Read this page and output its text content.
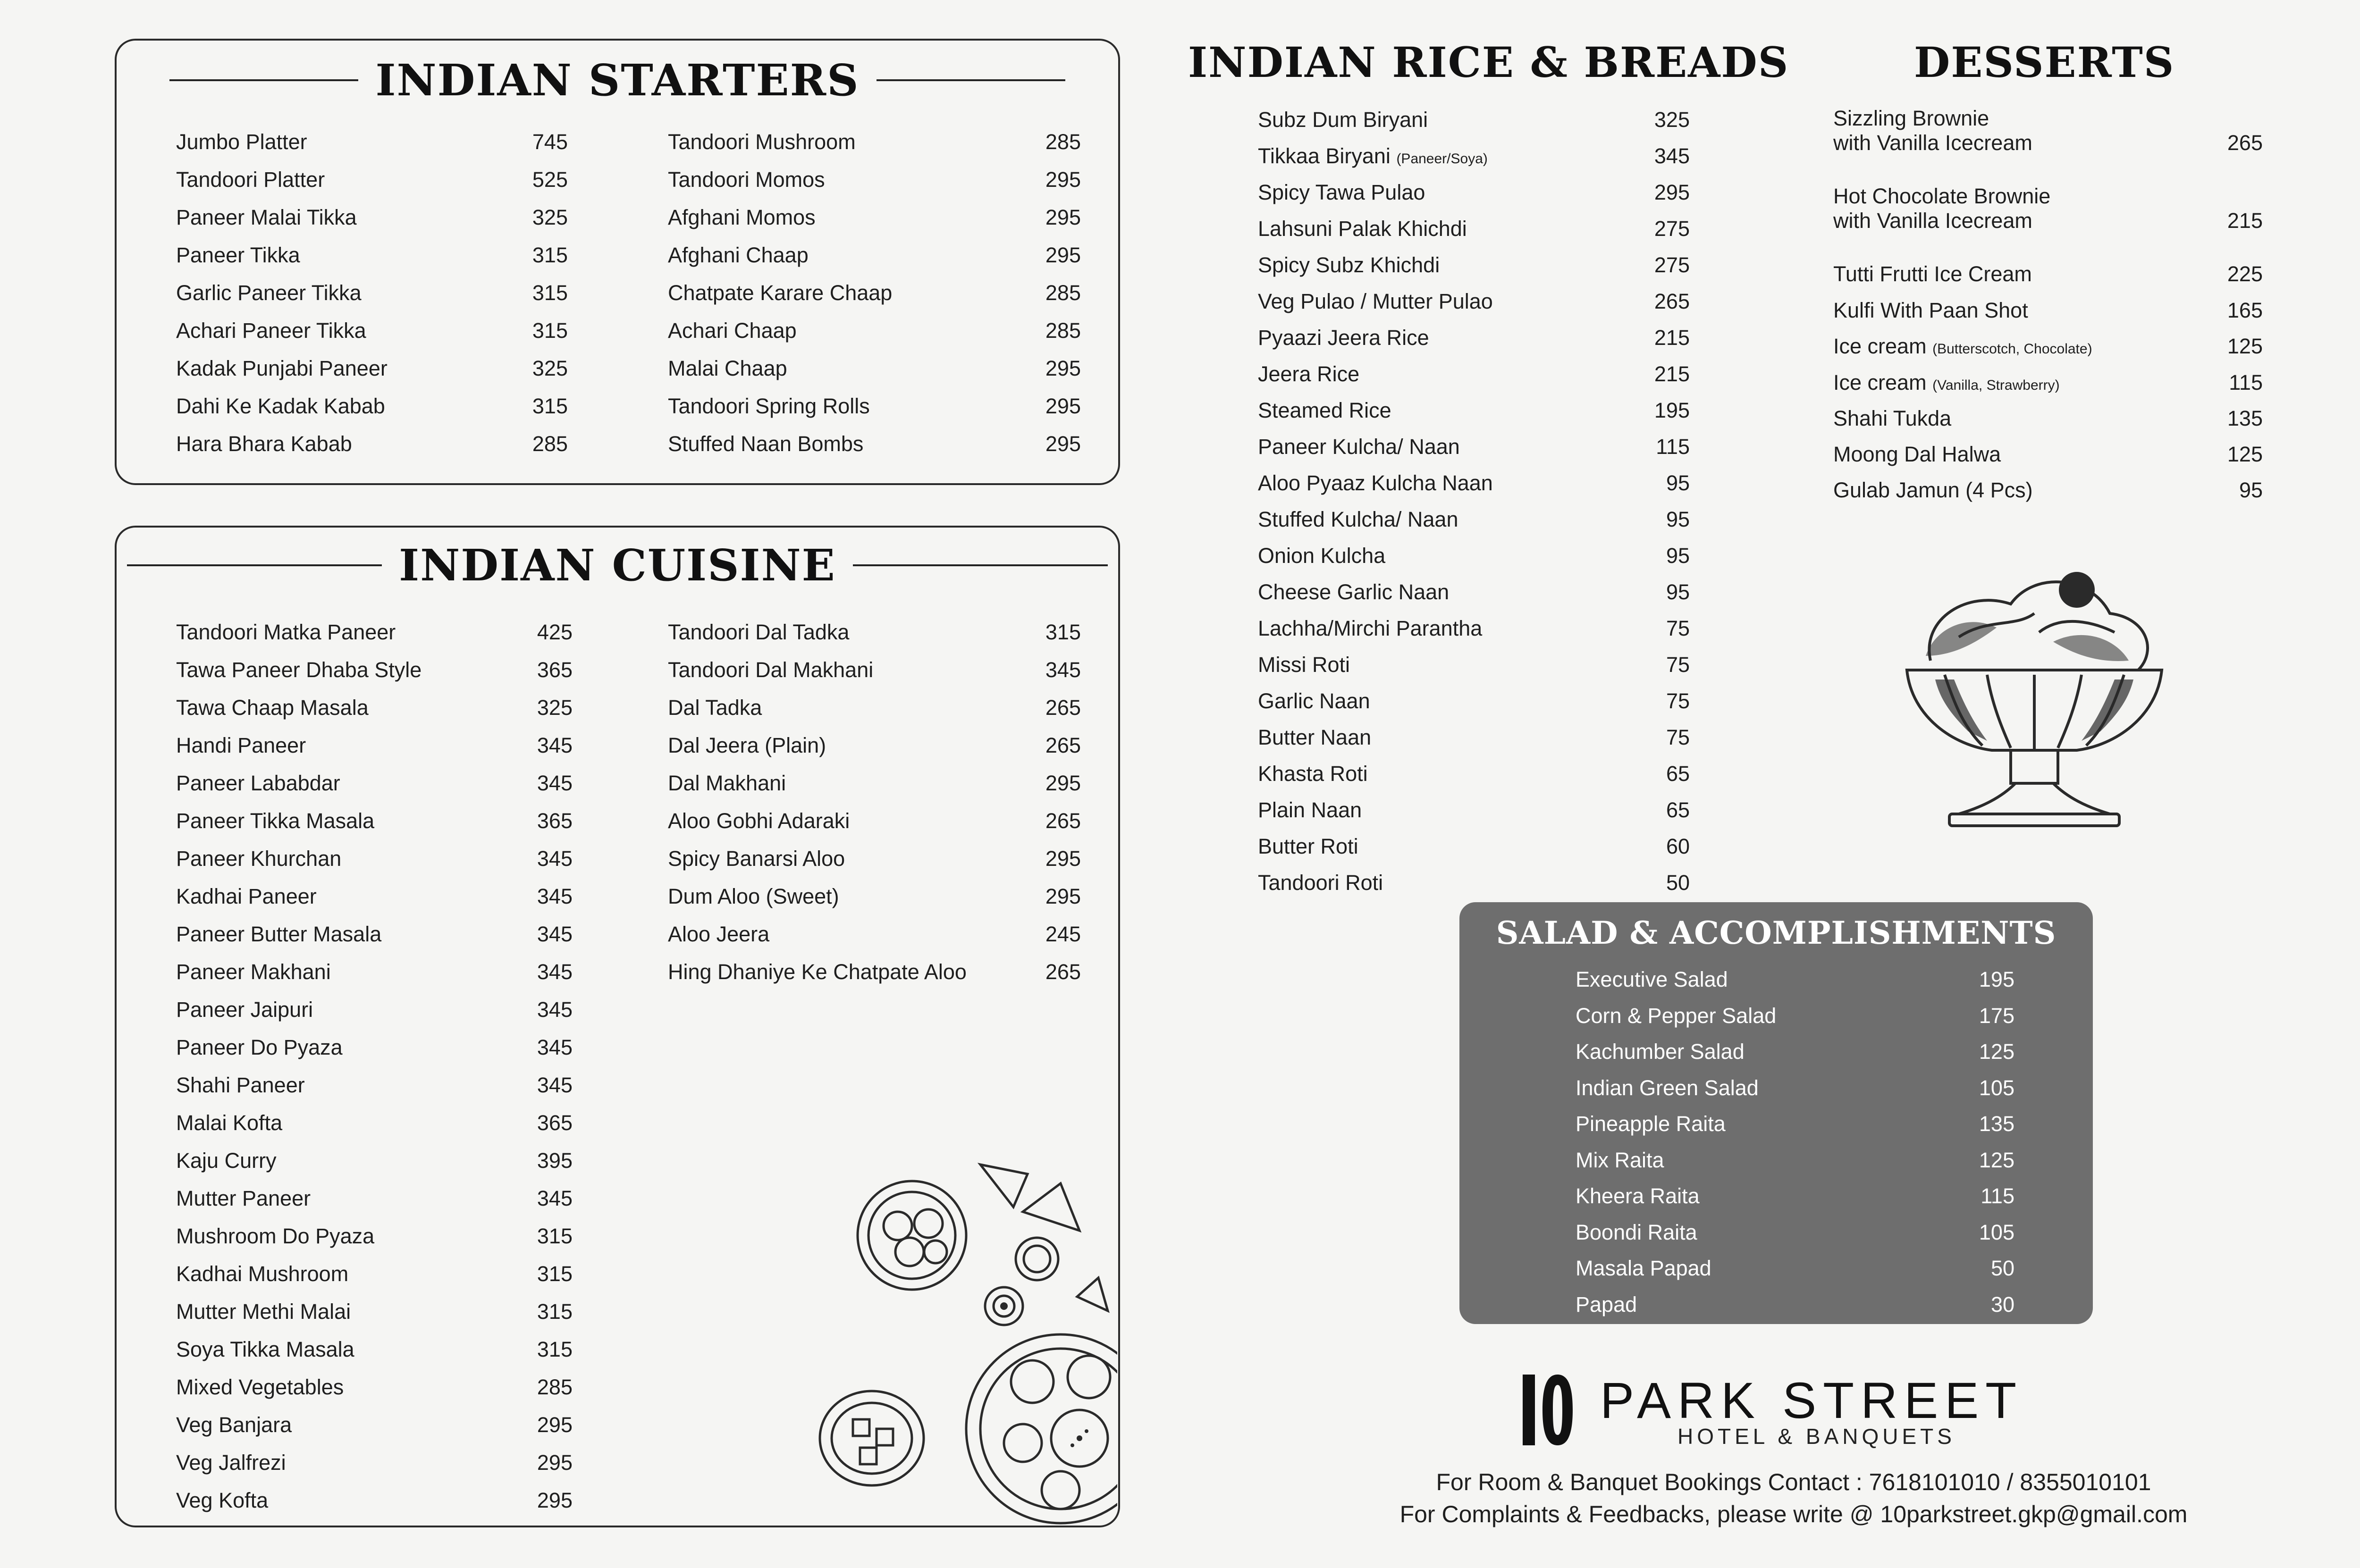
INDIAN STARTERS
Jumbo Platter	745
Tandoori Platter	525
Paneer Malai Tikka	325
Paneer Tikka	315
Garlic Paneer Tikka	315
Achari Paneer Tikka	315
Kadak Punjabi Paneer	325
Dahi Ke Kadak Kabab	315
Hara Bhara Kabab	285
Tandoori Mushroom	285
Tandoori Momos	295
Afghani Momos	295
Afghani Chaap	295
Chatpate Karare Chaap	285
Achari Chaap	285
Malai Chaap	295
Tandoori Spring Rolls	295
Stuffed Naan Bombs	295
INDIAN CUISINE
Tandoori Matka Paneer	425
Tawa Paneer Dhaba Style	365
Tawa Chaap Masala	325
Handi Paneer	345
Paneer Lababdar	345
Paneer Tikka Masala	365
Paneer Khurchan	345
Kadhai Paneer	345
Paneer Butter Masala	345
Paneer Makhani	345
Paneer Jaipuri	345
Paneer Do Pyaza	345
Shahi Paneer	345
Malai Kofta	365
Kaju Curry	395
Mutter Paneer	345
Mushroom Do Pyaza	315
Kadhai Mushroom	315
Mutter Methi Malai	315
Soya Tikka Masala	315
Mixed Vegetables	285
Veg Banjara	295
Veg Jalfrezi	295
Veg Kofta	295
Tandoori Dal Tadka	315
Tandoori Dal Makhani	345
Dal Tadka	265
Dal Jeera (Plain)	265
Dal Makhani	295
Aloo Gobhi Adaraki	265
Spicy Banarsi Aloo	295
Dum Aloo (Sweet)	295
Aloo Jeera	245
Hing Dhaniye Ke Chatpate Aloo	265
INDIAN RICE & BREADS
Subz Dum Biryani	325
Tikkaa Biryani (Paneer/Soya)	345
Spicy Tawa Pulao	295
Lahsuni Palak Khichdi	275
Spicy Subz Khichdi	275
Veg Pulao / Mutter Pulao	265
Pyaazi Jeera Rice	215
Jeera Rice	215
Steamed Rice	195
Paneer Kulcha/ Naan	115
Aloo Pyaaz Kulcha Naan	95
Stuffed Kulcha/ Naan	95
Onion Kulcha	95
Cheese Garlic Naan	95
Lachha/Mirchi Parantha	75
Missi Roti	75
Garlic Naan	75
Butter Naan	75
Khasta Roti	65
Plain Naan	65
Butter Roti	60
Tandoori Roti	50
DESSERTS
Sizzling Brownie
with Vanilla Icecream	265
Hot Chocolate Brownie
with Vanilla Icecream	215
Tutti Frutti Ice Cream	225
Kulfi With Paan Shot	165
Ice cream (Butterscotch, Chocolate)	125
Ice cream (Vanilla, Strawberry)	115
Shahi Tukda	135
Moong Dal Halwa	125
Gulab Jamun (4 Pcs)	95
SALAD & ACCOMPLISHMENTS
Executive Salad	195
Corn & Pepper Salad	175
Kachumber Salad	125
Indian Green Salad	105
Pineapple Raita	135
Mix Raita	125
Kheera Raita	115
Boondi Raita	105
Masala Papad	50
Papad	30
PARK STREET
HOTEL & BANQUETS
For Room & Banquet Bookings Contact : 7618101010 / 8355010101
For Complaints & Feedbacks, please write @ 10parkstreet.gkp@gmail.com
